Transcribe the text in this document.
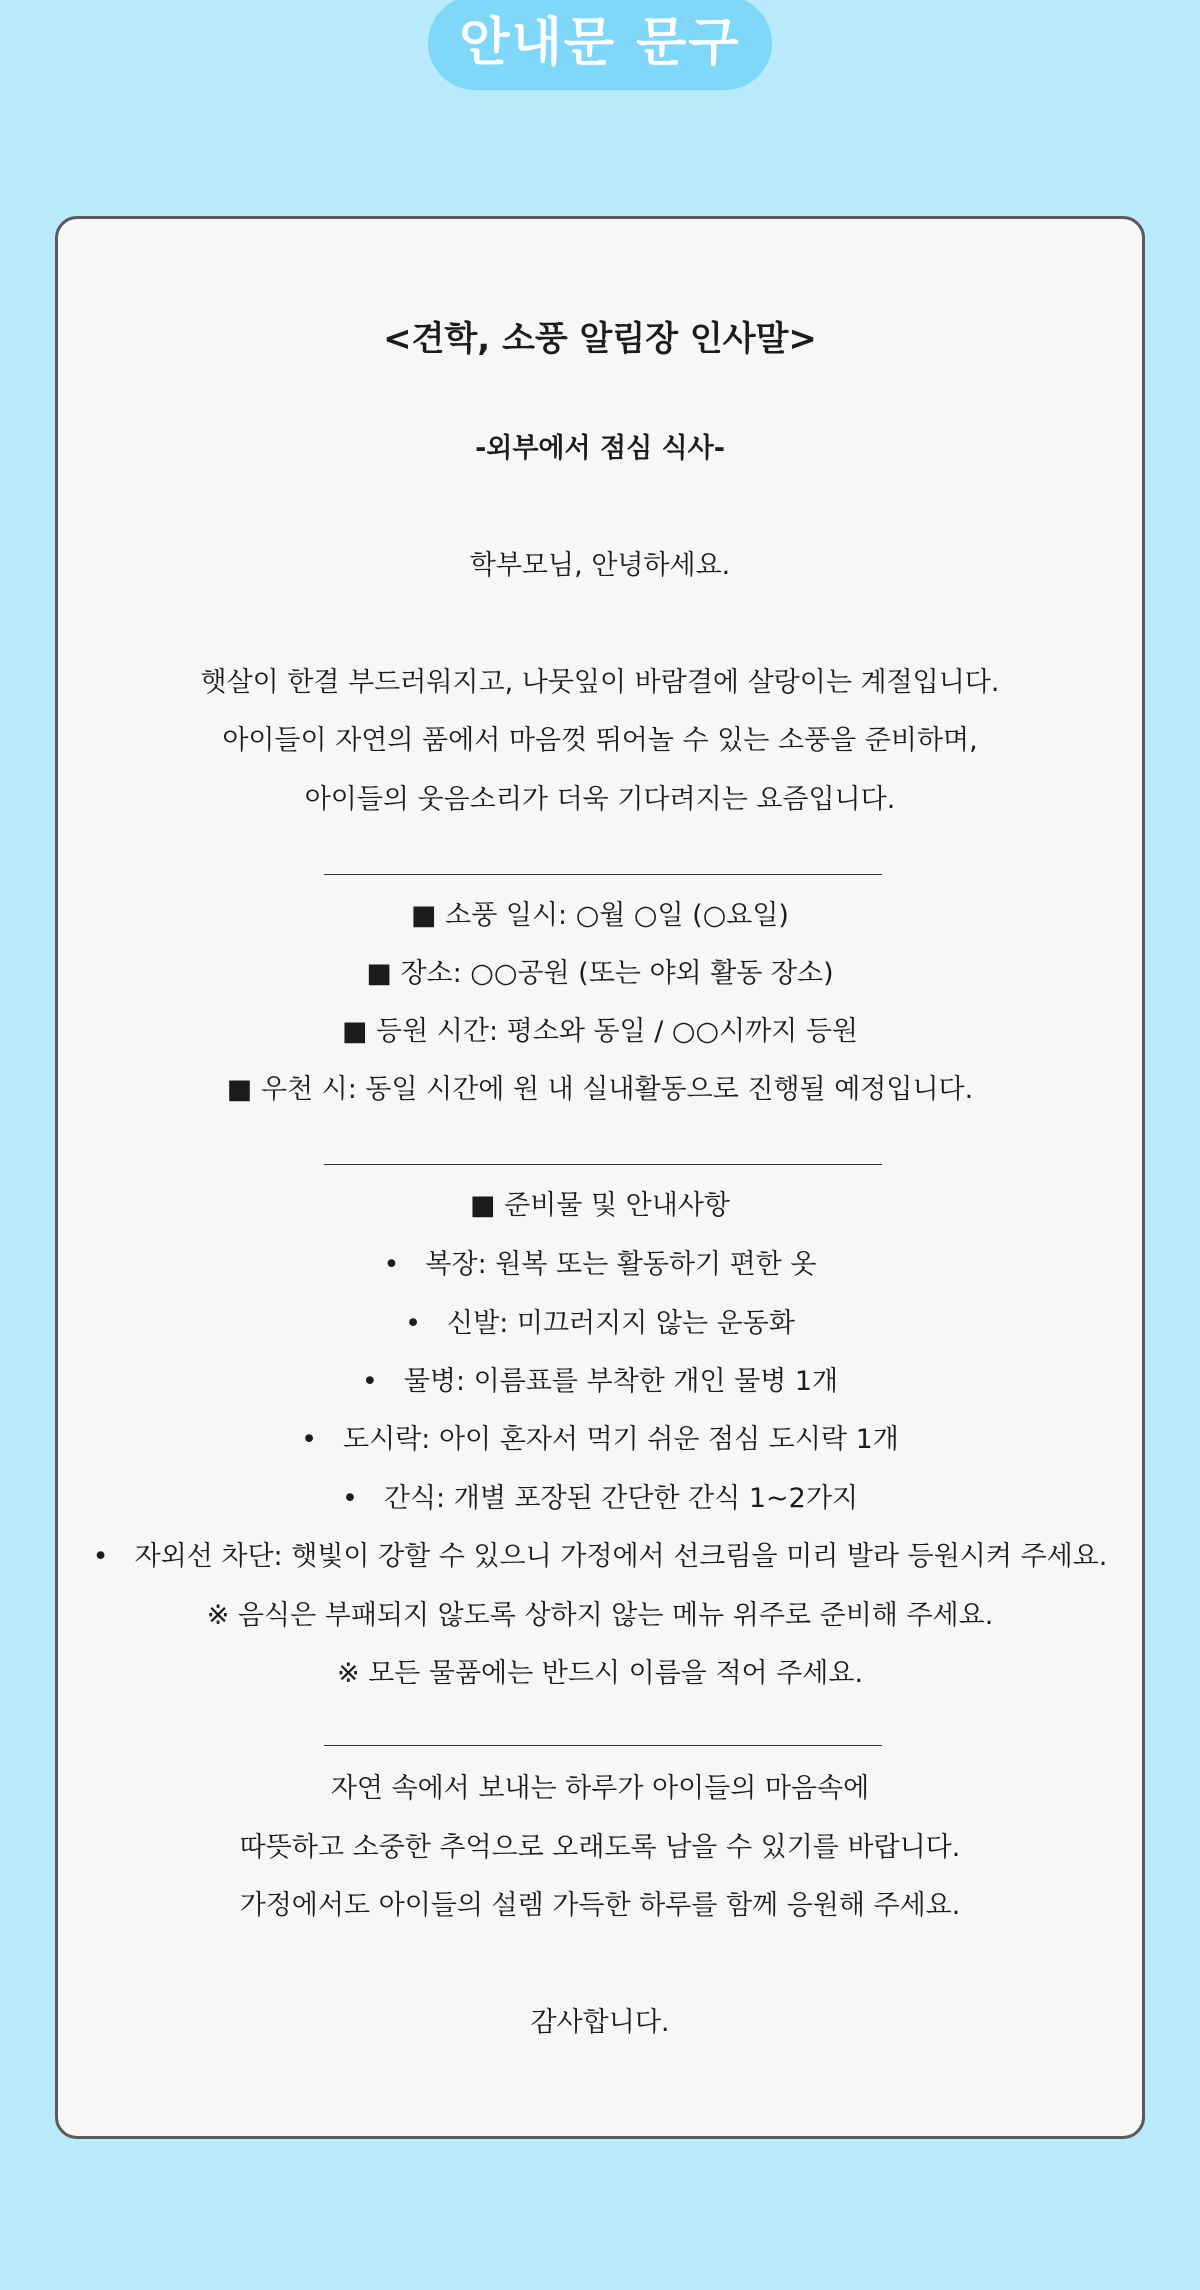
안내문 문구
<견학, 소풍 알림장 인사말>
-외부에서 점심 식사-
학부모님, 안녕하세요.
햇살이 한결 부드러워지고, 나뭇잎이 바람결에 살랑이는 계절입니다.
아이들이 자연의 품에서 마음껏 뛰어놀 수 있는 소풍을 준비하며,
아이들의 웃음소리가 더욱 기다려지는 요즘입니다.
■ 소풍 일시: ○월 ○일 (○요일)
■ 장소: ○○공원 (또는 야외 활동 장소)
■ 등원 시간: 평소와 동일 / ○○시까지 등원
■ 우천 시: 동일 시간에 원 내 실내활동으로 진행될 예정입니다.
■ 준비물 및 안내사항
• 복장: 원복 또는 활동하기 편한 옷
• 신발: 미끄러지지 않는 운동화
• 물병: 이름표를 부착한 개인 물병 1개
• 도시락: 아이 혼자서 먹기 쉬운 점심 도시락 1개
• 간식: 개별 포장된 간단한 간식 1~2가지
• 자외선 차단: 햇빛이 강할 수 있으니 가정에서 선크림을 미리 발라 등원시켜 주세요.
※ 음식은 부패되지 않도록 상하지 않는 메뉴 위주로 준비해 주세요.
※ 모든 물품에는 반드시 이름을 적어 주세요.
자연 속에서 보내는 하루가 아이들의 마음속에
따뜻하고 소중한 추억으로 오래도록 남을 수 있기를 바랍니다.
가정에서도 아이들의 설렘 가득한 하루를 함께 응원해 주세요.
감사합니다.
